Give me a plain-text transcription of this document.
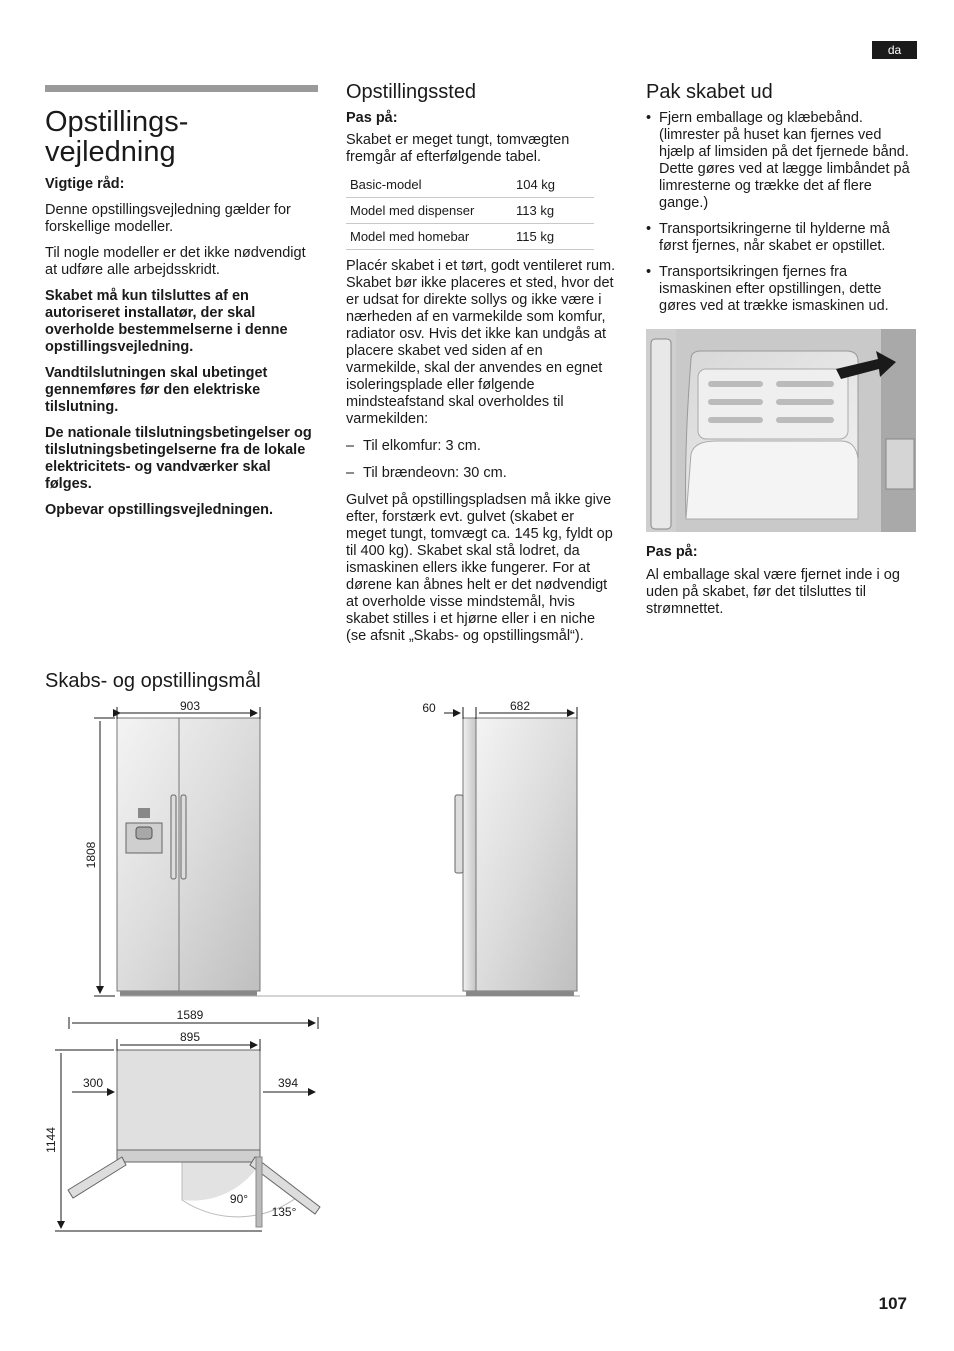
da
Opstillings-
vejledning

Vigtige råd:

Denne opstillingsvejledning gælder for forskellige modeller.

Til nogle modeller er det ikke nødvendigt at udføre alle arbejdsskridt.

Skabet må kun tilsluttes af en autoriseret installatør, der skal overholde bestemmelserne i denne opstillingsvejledning.

Vandtilslutningen skal ubetinget gennemføres før den elektriske tilslutning.

De nationale tilslutningsbetingelser og tilslutningsbetingelserne fra de lokale elektricitets- og vandværker skal følges.

Opbevar opstillingsvejledningen.

Opstillingssted

Pas på:

Skabet er meget tungt, tomvægten fremgår af efterfølgende tabel.

Basic-model	104 kg
Model med dispenser	113 kg
Model med homebar	115 kg

Placér skabet i et tørt, godt ventileret rum. Skabet bør ikke placeres et sted, hvor det er udsat for direkte sollys og ikke være i nærheden af en varmekilde som komfur, radiator osv. Hvis det ikke kan undgås at placere skabet ved siden af en varmekilde, skal der anvendes en egnet isoleringsplade eller følgende mindsteafstand skal overholdes til varmekilden:

– Til elkomfur: 3 cm.
– Til brændeovn: 30 cm.

Gulvet på opstillingspladsen må ikke give efter, forstærk evt. gulvet (skabet er meget tungt, tomvægt ca. 145 kg, fyldt op til 400 kg). Skabet skal stå lodret, da ismaskinen ellers ikke fungerer. For at dørene kan åbnes helt er det nødvendigt at overholde visse mindstemål, hvis skabet stilles i et hjørne eller i en niche (se afsnit „Skabs- og opstillingsmål“).

Pak skabet ud
• Fjern emballage og klæbebånd. (limrester på huset kan fjernes ved hjælp af limsiden på det fjernede bånd. Dette gøres ved at lægge limbåndet på limresterne og trække det af flere gange.)
• Transportsikringerne til hylderne må først fjernes, når skabet er opstillet.
• Transportsikringen fjernes fra ismaskinen efter opstillingen, dette gøres ved at trække ismaskinen ud.

Pas på:

Al emballage skal være fjernet inde i og uden på skabet, før det tilsluttes til strømnettet.

Skabs- og opstillingsmål
903
1808
60	682
1589
895
300	394
1144
90°
135°
107
